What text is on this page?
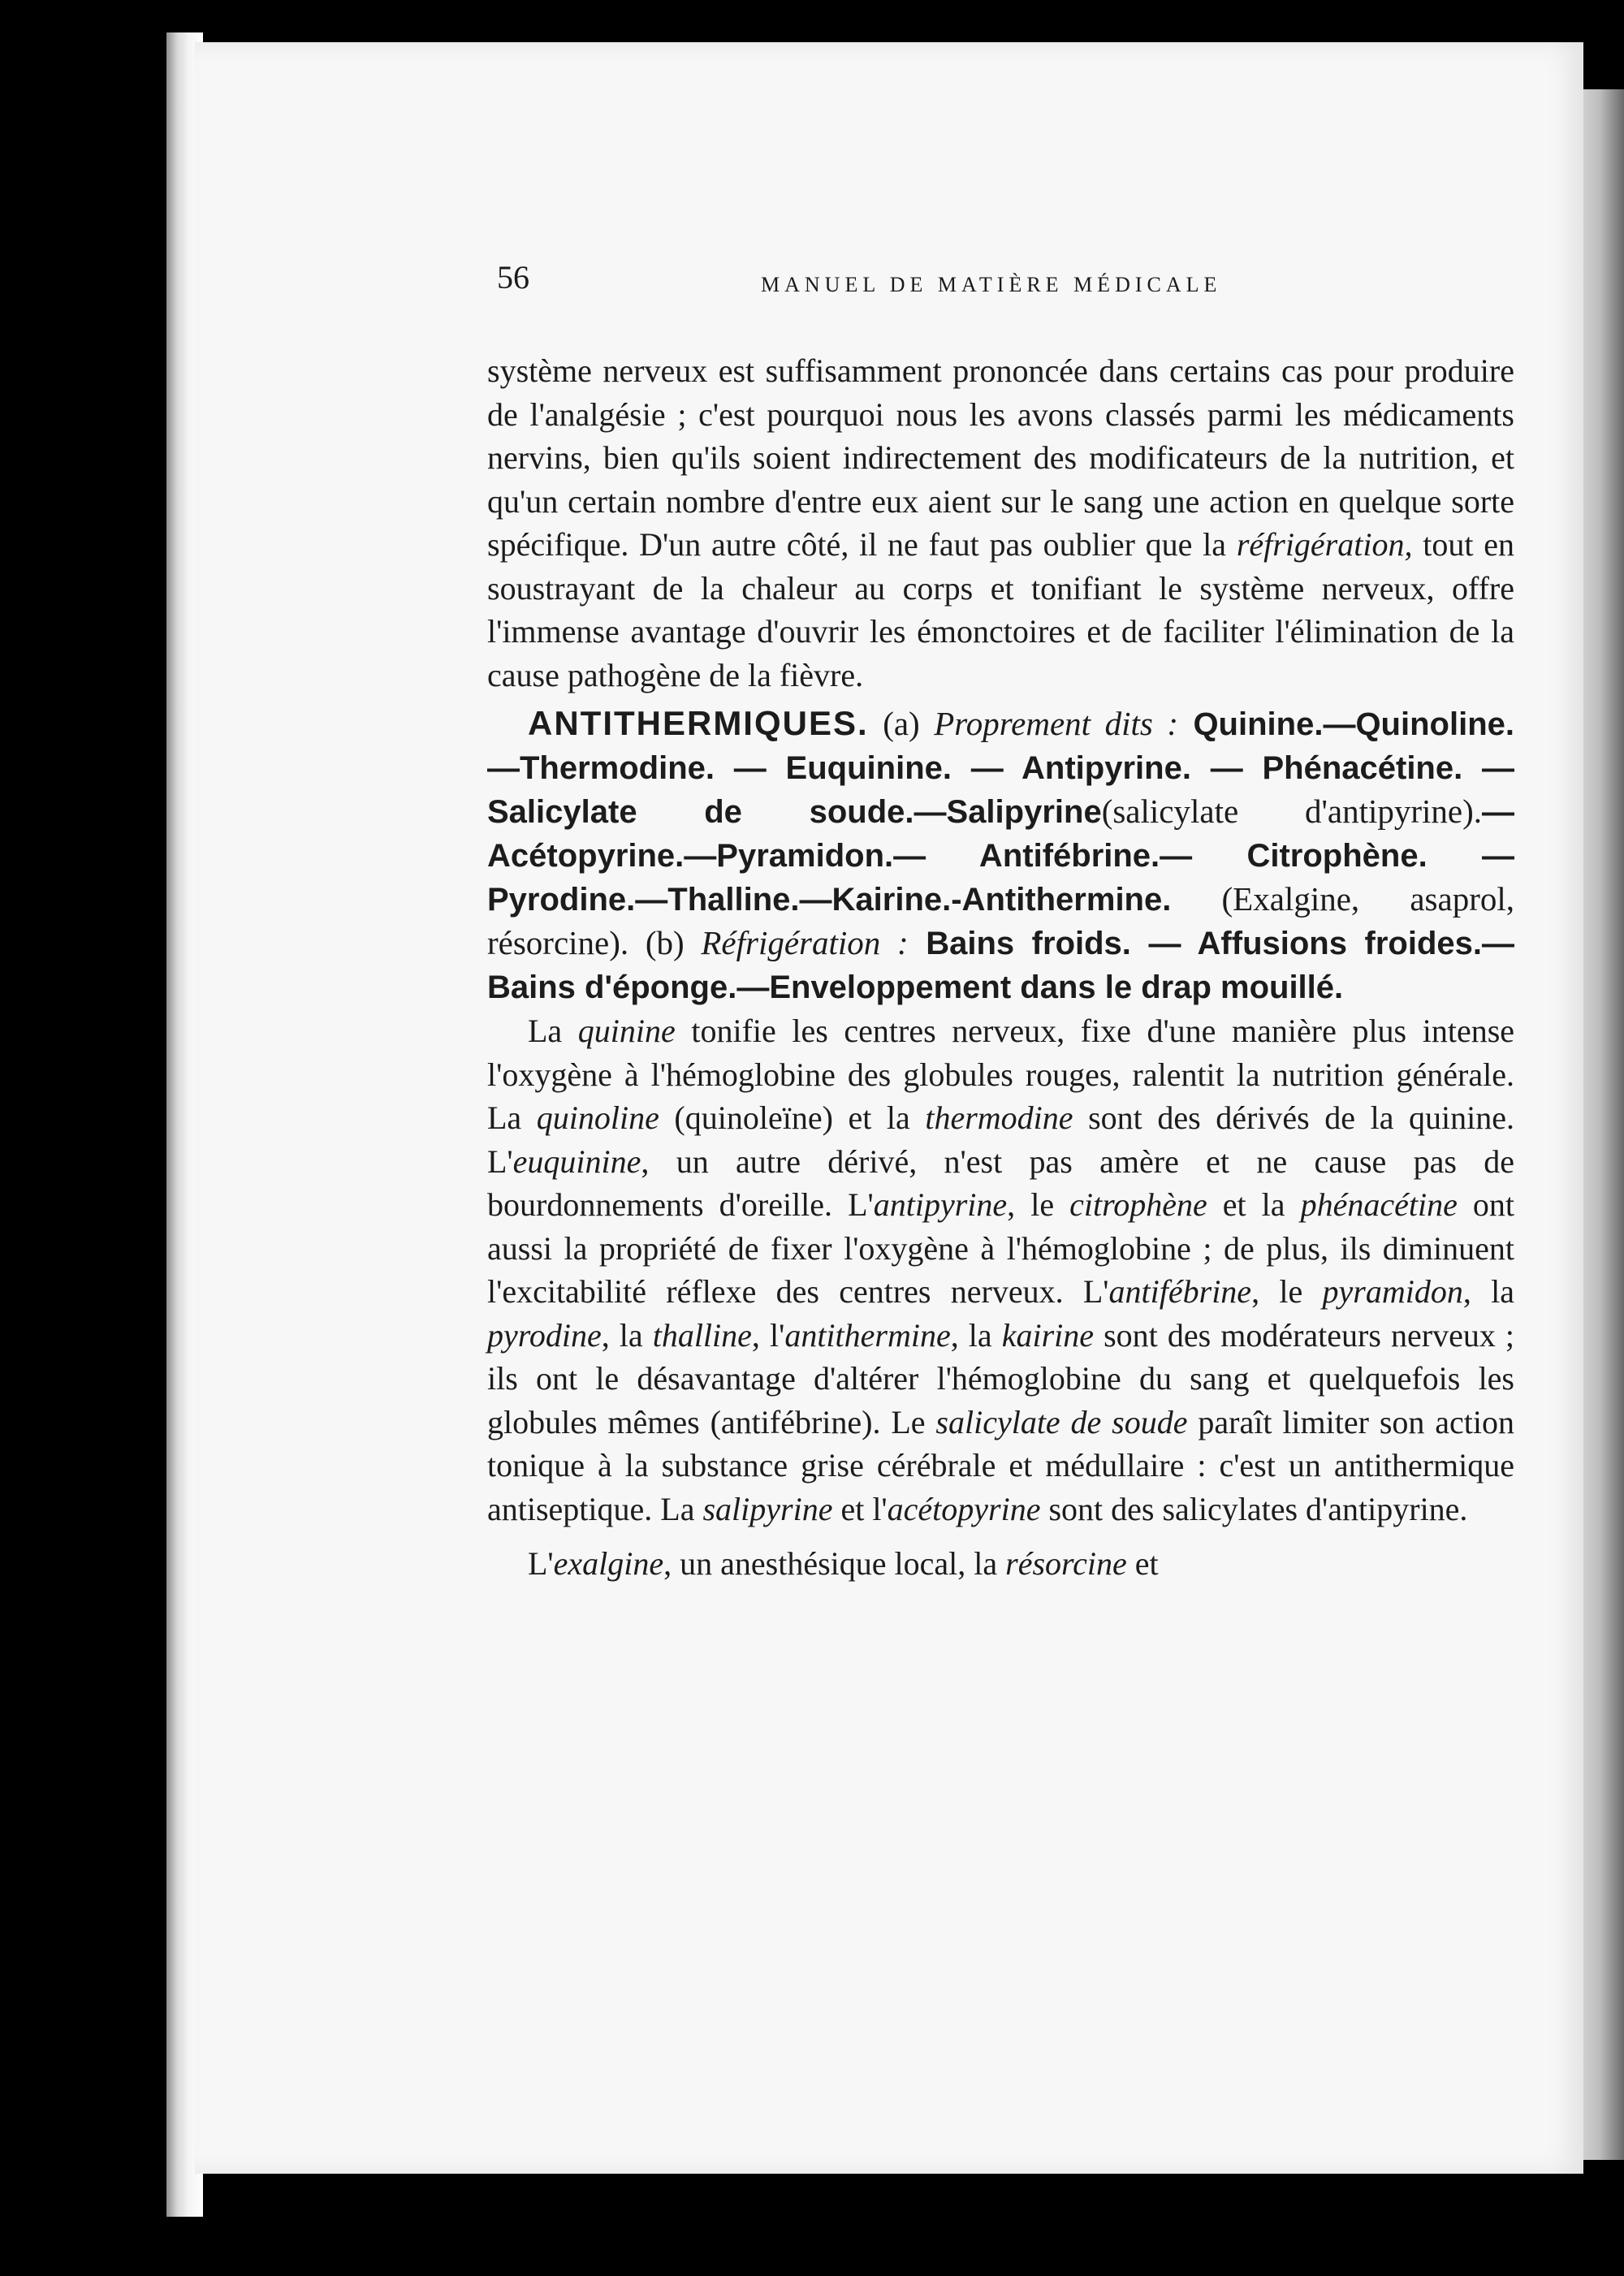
56	MANUEL DE MATIÈRE MÉDICALE

système nerveux est suffisamment prononcée dans certains cas pour produire de l'analgésie ; c'est pourquoi nous les avons classés parmi les médicaments nervins, bien qu'ils soient indirectement des modificateurs de la nutrition, et qu'un certain nombre d'entre eux aient sur le sang une action en quelque sorte spécifique. D'un autre côté, il ne faut pas oublier que la réfrigération, tout en soustrayant de la chaleur au corps et tonifiant le système nerveux, offre l'immense avantage d'ouvrir les émonctoires et de faciliter l'élimination de la cause pathogène de la fièvre.

ANTITHERMIQUES. (a) Proprement dits : Quinine.—Quinoline. —Thermodine. — Euquinine. — Antipyrine. — Phénacétine. — Salicylate de soude.—Salipyrine(salicylate d'antipyrine).—Acétopyrine.—Pyramidon.— Antifébrine.— Citrophène. —Pyrodine.—Thalline.—Kairine.-Antithermine. (Exalgine, asaprol, résorcine). (b) Réfrigération : Bains froids. — Affusions froides.—Bains d'éponge.—Enveloppement dans le drap mouillé.

La quinine tonifie les centres nerveux, fixe d'une manière plus intense l'oxygène à l'hémoglobine des globules rouges, ralentit la nutrition générale. La quinoline (quinoleïne) et la thermodine sont des dérivés de la quinine. L'euquinine, un autre dérivé, n'est pas amère et ne cause pas de bourdonnements d'oreille. L'antipyrine, le citrophène et la phénacétine ont aussi la propriété de fixer l'oxygène à l'hémoglobine ; de plus, ils diminuent l'excitabilité réflexe des centres nerveux. L'antifébrine, le pyramidon, la pyrodine, la thalline, l'antithermine, la kairine sont des modérateurs nerveux ; ils ont le désavantage d'altérer l'hémoglobine du sang et quelquefois les globules mêmes (antifébrine). Le salicylate de soude paraît limiter son action tonique à la substance grise cérébrale et médullaire : c'est un antithermique antiseptique. La salipyrine et l'acétopyrine sont des salicylates d'antipyrine.

L'exalgine, un anesthésique local, la résorcine et
